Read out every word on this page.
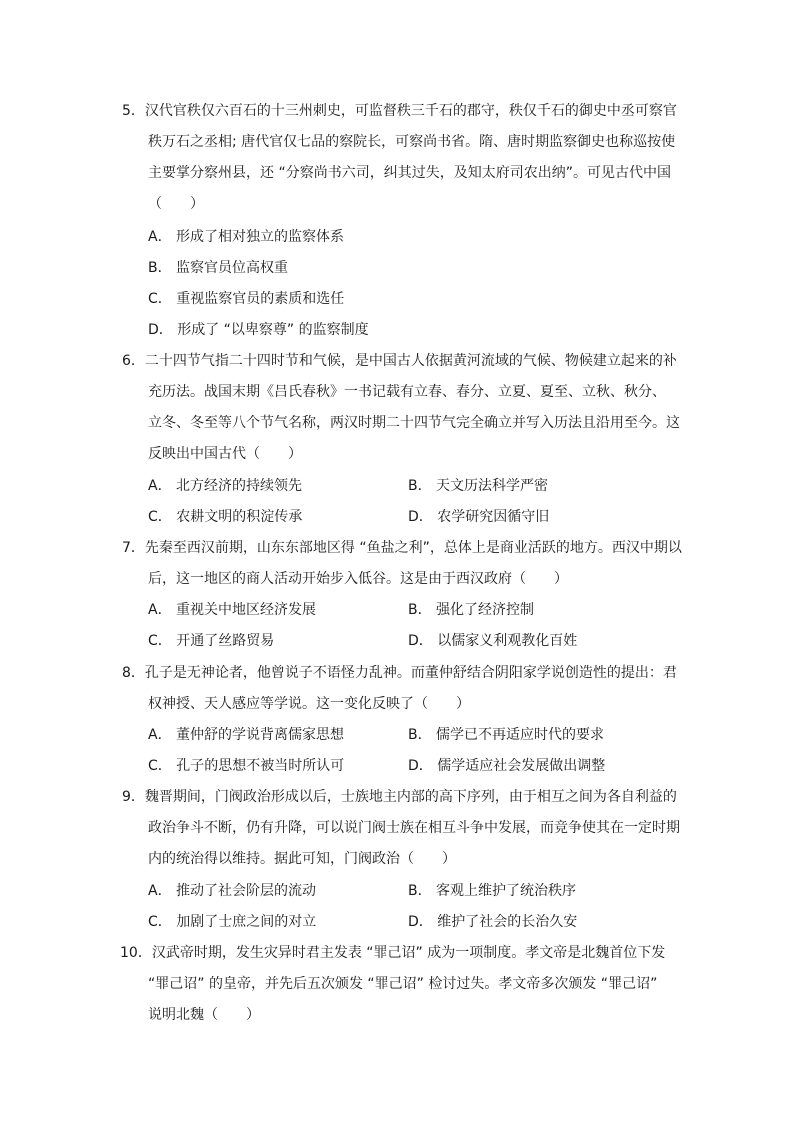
5．汉代官秩仅六百石的十三州刺史，可监督秩三千石的郡守，秩仅千石的御史中丞可察官
秩万石之丞相; 唐代官仅七品的察院长，可察尚书省。隋、唐时期监察御史也称巡按使
主要掌分察州县，还 “分察尚书六司，纠其过失，及知太府司农出纳”。可见古代中国
（　　）
A． 形成了相对独立的监察体系
B． 监察官员位高权重
C． 重视监察官员的素质和选任
D． 形成了 “以卑察尊” 的监察制度
6．二十四节气指二十四时节和气候，是中国古人依据黄河流域的气候、物候建立起来的补
充历法。战国末期《吕氏春秋》一书记载有立春、春分、立夏、夏至、立秋、秋分、
立冬、冬至等八个节气名称，两汉时期二十四节气完全确立并写入历法且沿用至今。这
反映出中国古代（　　）
A． 北方经济的持续领先	B． 天文历法科学严密
C． 农耕文明的积淀传承	D． 农学研究因循守旧
7．先秦至西汉前期，山东东部地区得 “鱼盐之利”，总体上是商业活跃的地方。西汉中期以
后，这一地区的商人活动开始步入低谷。这是由于西汉政府（　　）
A． 重视关中地区经济发展	B． 强化了经济控制
C． 开通了丝路贸易	D． 以儒家义利观教化百姓
8．孔子是无神论者，他曾说子不语怪力乱神。而董仲舒结合阴阳家学说创造性的提出：君
权神授、天人感应等学说。这一变化反映了（　　）
A． 董仲舒的学说背离儒家思想	B． 儒学已不再适应时代的要求
C． 孔子的思想不被当时所认可	D． 儒学适应社会发展做出调整
9．魏晋期间，门阀政治形成以后，士族地主内部的高下序列，由于相互之间为各自利益的
政治争斗不断，仍有升降，可以说门阀士族在相互斗争中发展，而竞争使其在一定时期
内的统治得以维持。据此可知，门阀政治（　　）
A． 推动了社会阶层的流动	B． 客观上维护了统治秩序
C． 加剧了士庶之间的对立	D． 维护了社会的长治久安
10．汉武帝时期，发生灾异时君主发表 “罪己诏” 成为一项制度。孝文帝是北魏首位下发
“罪己诏” 的皇帝，并先后五次颁发 “罪己诏” 检讨过失。孝文帝多次颁发 “罪己诏”
说明北魏（　　）
